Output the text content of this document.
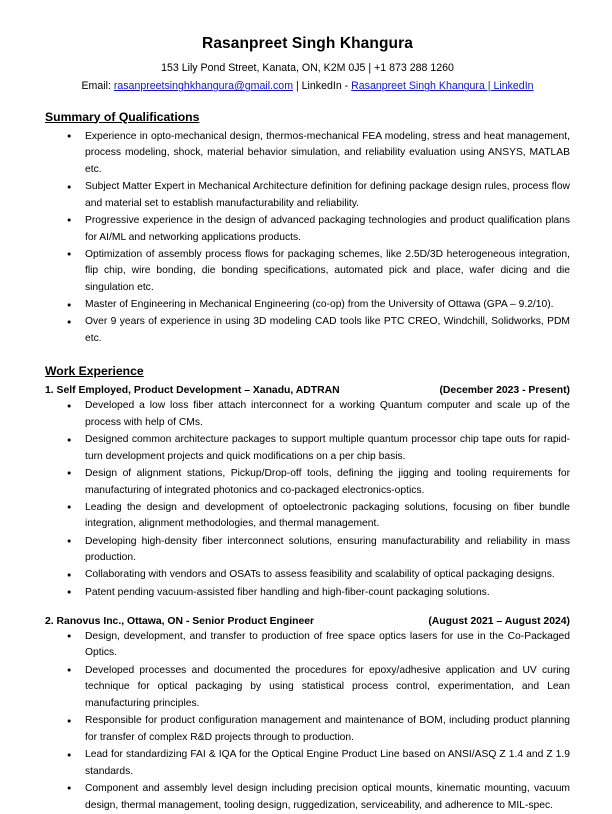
Rasanpreet Singh Khangura
153 Lily Pond Street, Kanata, ON, K2M 0J5 | +1 873 288 1260
Email: rasanpreetsinghkhangura@gmail.com | LinkedIn - Rasanpreet Singh Khangura | LinkedIn
Summary of Qualifications
● Experience in opto-mechanical design, thermos-mechanical FEA modeling, stress and heat management, process modeling, shock, material behavior simulation, and reliability evaluation using ANSYS, MATLAB etc.
● Subject Matter Expert in Mechanical Architecture definition for defining package design rules, process flow and material set to establish manufacturability and reliability.
● Progressive experience in the design of advanced packaging technologies and product qualification plans for AI/ML and networking applications products.
● Optimization of assembly process flows for packaging schemes, like 2.5D/3D heterogeneous integration, flip chip, wire bonding, die bonding specifications, automated pick and place, wafer dicing and die singulation etc.
● Master of Engineering in Mechanical Engineering (co-op) from the University of Ottawa (GPA – 9.2/10).
● Over 9 years of experience in using 3D modeling CAD tools like PTC CREO, Windchill, Solidworks, PDM etc.
Work Experience
1. Self Employed, Product Development – Xanadu, ADTRAN	(December 2023 - Present)
● Developed a low loss fiber attach interconnect for a working Quantum computer and scale up of the process with help of CMs.
● Designed common architecture packages to support multiple quantum processor chip tape outs for rapid-turn development projects and quick modifications on a per chip basis.
● Design of alignment stations, Pickup/Drop-off tools, defining the jigging and tooling requirements for manufacturing of integrated photonics and co-packaged electronics-optics.
● Leading the design and development of optoelectronic packaging solutions, focusing on fiber bundle integration, alignment methodologies, and thermal management.
● Developing high-density fiber interconnect solutions, ensuring manufacturability and reliability in mass production.
● Collaborating with vendors and OSATs to assess feasibility and scalability of optical packaging designs.
● Patent pending vacuum-assisted fiber handling and high-fiber-count packaging solutions.
2. Ranovus Inc., Ottawa, ON - Senior Product Engineer	(August 2021 – August 2024)
● Design, development, and transfer to production of free space optics lasers for use in the Co-Packaged Optics.
● Developed processes and documented the procedures for epoxy/adhesive application and UV curing technique for optical packaging by using statistical process control, experimentation, and Lean manufacturing principles.
● Responsible for product configuration management and maintenance of BOM, including product planning for transfer of complex R&D projects through to production.
● Lead for standardizing FAI & IQA for the Optical Engine Product Line based on ANSI/ASQ Z 1.4 and Z 1.9 standards.
● Component and assembly level design including precision optical mounts, kinematic mounting, vacuum design, thermal management, tooling design, ruggedization, serviceability, and adherence to MIL-spec.
